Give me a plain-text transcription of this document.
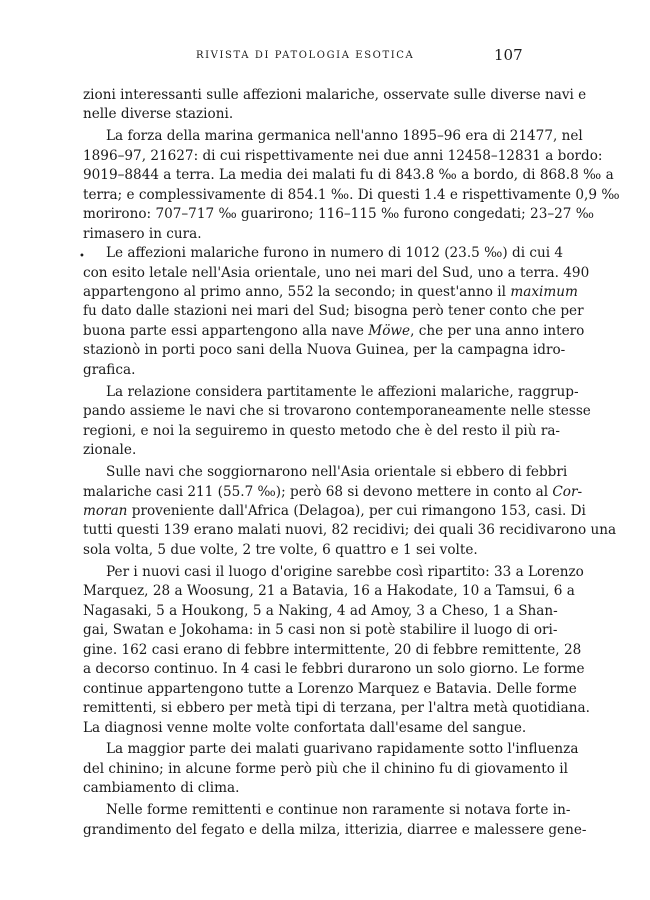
RIVISTA DI PATOLOGIA ESOTICA	107
zioni interessanti sulle affezioni malariche, osservate sulle diverse navi e
nelle diverse stazioni.
La forza della marina germanica nell'anno 1895–96 era di 21477, nel
1896–97, 21627: di cui rispettivamente nei due anni 12458–12831 a bordo:
9019–8844 a terra. La media dei malati fu di 843.8 ‰ a bordo, di 868.8 ‰ a
terra; e complessivamente di 854.1 ‰. Di questi 1.4 e rispettivamente 0,9 ‰
morirono: 707–717 ‰ guarirono; 116–115 ‰ furono congedati; 23–27 ‰
rimasero in cura.
•	Le affezioni malariche furono in numero di 1012 (23.5 ‰) di cui 4
con esito letale nell'Asia orientale, uno nei mari del Sud, uno a terra. 490
appartengono al primo anno, 552 la secondo; in quest'anno il maximum
fu dato dalle stazioni nei mari del Sud; bisogna però tener conto che per
buona parte essi appartengono alla nave Möwe, che per una anno intero
stazionò in porti poco sani della Nuova Guinea, per la campagna idro-
grafica.
La relazione considera partitamente le affezioni malariche, raggrup-
pando assieme le navi che si trovarono contemporaneamente nelle stesse
regioni, e noi la seguiremo in questo metodo che è del resto il più ra-
zionale.
Sulle navi che soggiornarono nell'Asia orientale si ebbero di febbri
malariche casi 211 (55.7 ‰); però 68 si devono mettere in conto al Cor-
moran proveniente dall'Africa (Delagoa), per cui rimangono 153, casi. Di
tutti questi 139 erano malati nuovi, 82 recidivi; dei quali 36 recidivarono una
sola volta, 5 due volte, 2 tre volte, 6 quattro e 1 sei volte.
Per i nuovi casi il luogo d'origine sarebbe così ripartito: 33 a Lorenzo
Marquez, 28 a Woosung, 21 a Batavia, 16 a Hakodate, 10 a Tamsui, 6 a
Nagasaki, 5 a Houkong, 5 a Naking, 4 ad Amoy, 3 a Cheso, 1 a Shan-
gai, Swatan e Jokohama: in 5 casi non si potè stabilire il luogo di ori-
gine. 162 casi erano di febbre intermittente, 20 di febbre remittente, 28
a decorso continuo. In 4 casi le febbri durarono un solo giorno. Le forme
continue appartengono tutte a Lorenzo Marquez e Batavia. Delle forme
remittenti, si ebbero per metà tipi di terzana, per l'altra metà quotidiana.
La diagnosi venne molte volte confortata dall'esame del sangue.
La maggior parte dei malati guarivano rapidamente sotto l'influenza
del chinino; in alcune forme però più che il chinino fu di giovamento il
cambiamento di clima.
Nelle forme remittenti e continue non raramente si notava forte in-
grandimento del fegato e della milza, itterizia, diarree e malessere gene-
